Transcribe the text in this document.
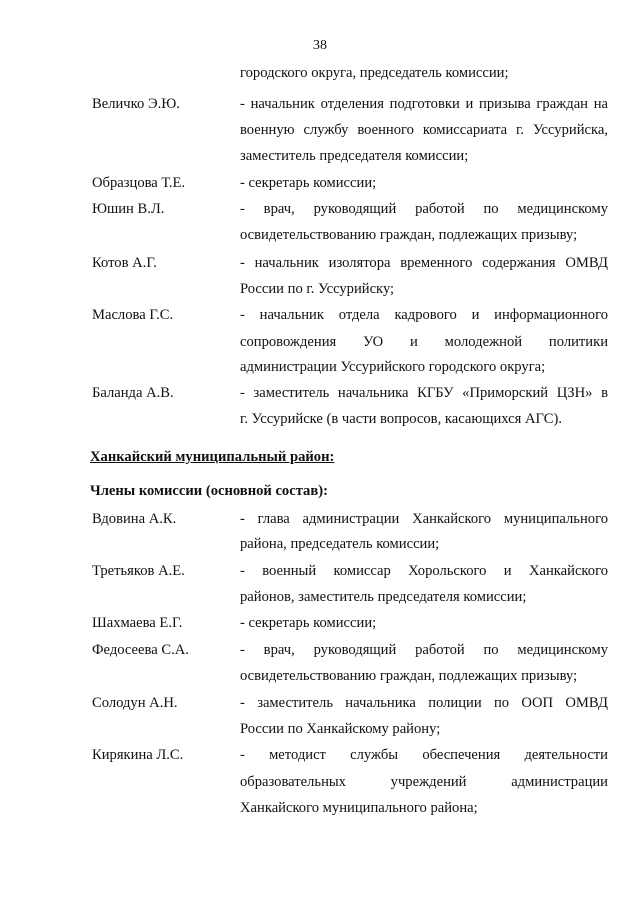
38
городского округа, председатель комиссии;
Величко Э.Ю.	- начальник отделения подготовки и призыва граждан на
военную службу военного комиссариата г. Уссурийска,
заместитель председателя комиссии;
Образцова Т.Е.	- секретарь комиссии;
Юшин В.Л.	- врач, руководящий работой по медицинскому
освидетельствованию граждан, подлежащих призыву;
Котов А.Г.	- начальник изолятора временного содержания ОМВД
России по г. Уссурийску;
Маслова Г.С.	- начальник отдела кадрового и информационного
сопровождения УО и молодежной политики
администрации Уссурийского городского округа;
Баланда А.В.	- заместитель начальника КГБУ «Приморский ЦЗН» в
г. Уссурийске (в части вопросов, касающихся АГС).
Ханкайский муниципальный район:
Члены комиссии (основной состав):
Вдовина А.К.	- глава администрации Ханкайского муниципального
района, председатель комиссии;
Третьяков А.Е.	- военный комиссар Хорольского и Ханкайского
районов, заместитель председателя комиссии;
Шахмаева Е.Г.	- секретарь комиссии;
Федосеева С.А.	- врач, руководящий работой по медицинскому
освидетельствованию граждан, подлежащих призыву;
Солодун А.Н.	- заместитель начальника полиции по ООП ОМВД
России по Ханкайскому району;
Кирякина Л.С.	- методист службы обеспечения деятельности
образовательных учреждений администрации
Ханкайского муниципального района;
